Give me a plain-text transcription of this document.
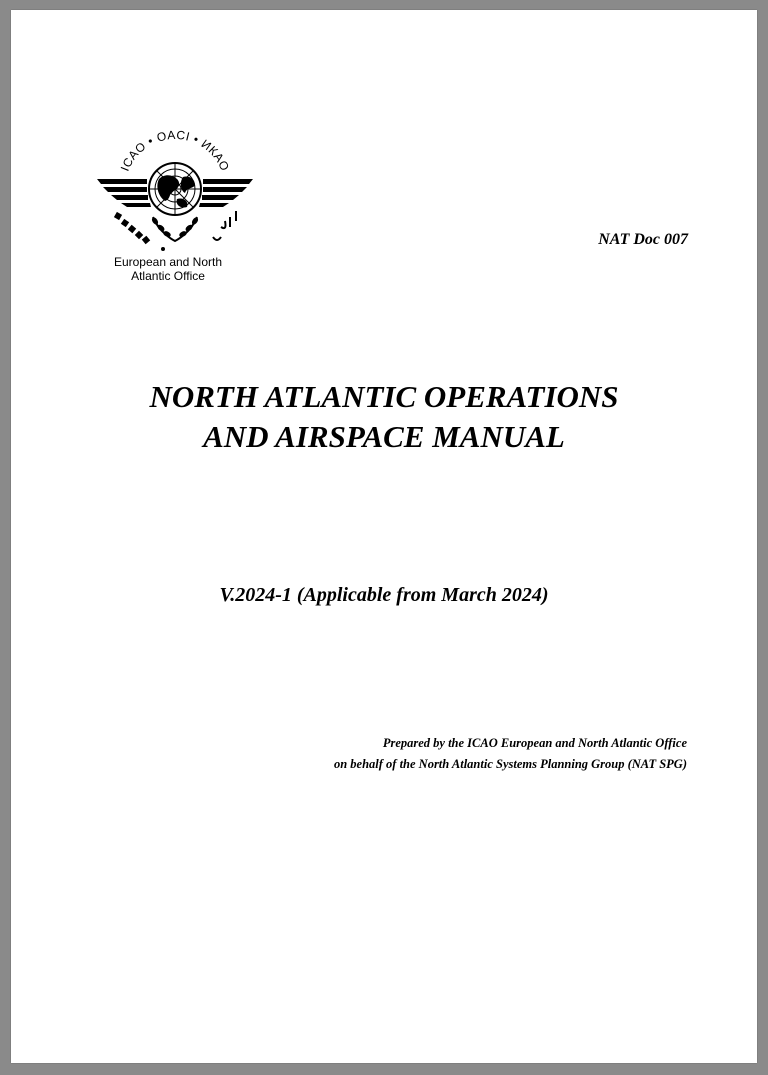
ICAO • OACI • ИКАО
European and North
Atlantic Office
NAT Doc 007
NORTH ATLANTIC OPERATIONS
AND AIRSPACE MANUAL
V.2024-1 (Applicable from March 2024)
Prepared by the ICAO European and North Atlantic Office
on behalf of the North Atlantic Systems Planning Group (NAT SPG)
